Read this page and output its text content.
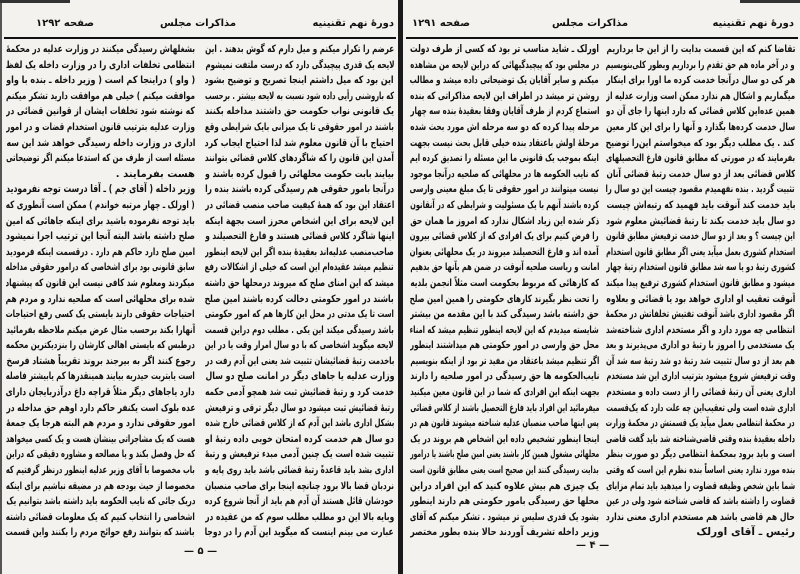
دورهٔ نهم تقنینیه
مذاکرات مجلس
صفحه ۱۲۹۲
عرضم را تکرار میکنم و میل دارم که گوش بدهند . این
لایحه یک قدری پیچیدگی دارد که درست ملتفت نمیشوم
این بود که میل داشتم اینجا تصریح و توضیح بشود
که باروشنی رأیی داده شود نسبت به لایحه بیشتر . برحسب
یک قانونی نواب حکومت حق داشتند مداخله بکنند
باشند در امور حقوقی تا یک میزانی بایک شرایطی وقع
احتیاج با آن قانون معلوم شد لذا احتیاج ایجاب کرد
آمدن این قانون را که شاگردهای کلاس قضائی بتوانند
بیایند بابت حکومت محلهائی را قبول کرده باشند و
درآنجا بامور حقوقی هم رسیدگی کرده باشند بنده را
اعتقاد این بود که همهٔ کیفیت صاحب منصب قضائی در
این لایحه برای این اشخاص محرز است بجهة اینکه
اینها شاگرد کلاس قضائی هستند و فارغ التحصیلند و
صاحب‌منصب عدلیه‌اند بعقیدهٔ بنده اگر این لایحه اینطور
تنظیم میشد عقیده‌ام این است که خیلی از اشکالات رفع
میشد که این امنای صلح که میروند درمحلها حق داشته
باشند در امور حکومتی دخالت کرده باشند امین صلح
است تا یک مدتی در محل این کارها هم که امور حکومتی
باشد رسیدگی میکند این یکی . مطلب دوم دراین قسمت
لایحه میگوید اشخاصی که با دو سال امرار وقت یا در این
باخدمت رتبهٔ قضائیشان تثبیت شد یعنی این آدم رفت در
وزارت عدلیه یا جاهای دیگر در امانت صلح دو سال
خدمت کرد و رتبهٔ قضائیش ثبت شد همچو آدمی حکمه
رتبهٔ قضائیش ثبت میشود دو سال دیگر ترقی و ترفیعش
بشکل اداری باشد این آدم که از کلاس قضائی خارج شده
دو سال هم خدمت کرده امتحان خوبی داده رتبهٔ او
تثبیت شده است یک چنین آدمی مبدء ترفیعش و رتبهٔ
اداری بشد باید قاعدةً رتبهٔ قضائی باشد باید روی پایه و
نردبان قضا بالا برود چنانچه اینجا برای صاحب منصبان
خودشان قائل هستند آن آدم هم باید از آنجا شروع کرده
وبایه بالا این دو مطلب مطلب سوم که من عقیده در
عبارت می بینم اینست که میگوید این آدم را در دوجا
بشغلهاش رسیدگی میکنند در وزارت عدلیه در محکمهٔ
انتظامی تخلفات اداری را در وزارت داخله یک لفظ
( واو ) دراینجا کم است ( وزیر داخله ـ بنده با واو
موافقت میکنم ) خیلی هم موافقت دارید تشکر میکنم
که نوشته شود تخلفات ایشان از قوانین قضائی در
وزارت عدلیه بترتیب قانون استخدام قضات و در امور
اداری در وزارت داخله رسیدگی خواهد شد این سه
مسئله است از طرف من که استدعا میکنم اگر توضیحاتی
هست بفرمایند .
وزیر داخله ( آقای جم ) ـ آقا درست توجه نفرمودید
( اورلک ـ چهار مرتبه خواندم ) ممکن است آنطوری که
باید توجه نفرموده باشید برای اینکه جاهائی که امین
صلح داشته باشد البته آنجا این ترتیب اجرا نمیشود
امین صلح دارد حاکم هم دارد . درقسمت اینکه فرمودید
سابق قانونی بود برای اشخاصی که درامور حقوقی مداخله
میکردند ومعلوم شد کافی نیست این قانون که پیشنهاد
شده برای محلهائی است که صلحیه ندارد و مردم هم
احتیاجات حقوقی دارند بایستی یک کسی رفع احتیاجات
آنهارا بکند برحسب مثال عرض میکنم ملاحظه بفرمائید
درطبس که بایستی اهالی کارشان را بنزدیکترین محکمه
رجوع کنند اگر به بیرجند بروند تقریباً هشتاد فرسخ
است یابتربت حیدریه بیایند همینقدرها کم یابیشتر فاصله
دارد یاجاهای دیگر مثلاً قراچه داغ درآذربایجان دارای
عده بلوک است یکنفر حاکم دارد اوهم حق مداخله در
امور حقوقی ندارد و مردم هم البته هرجا یک جمعهٔ
هست که یک مشاجراتی بینشان هست و یک کسی میخواهد
که حل وفصل بکند و یا مصالحه و مشاوره دقیقی که دراین
باب مخصوصا با آقای وزیر عدلیه اینطور درنظر گرفتیم که
مخصوصا از حیث بودجه هم در مضیقه نباشیم برای اینکه
دریک جائی که نایب الحکومه باید داشته باشد بتوانیم یک
اشخاصی را انتخاب کنیم که یک معلومات قضائی داشته
باشند که بتوانند رفع حوائج مردم را بکنند واین قسمت
— ۵ —
دورهٔ نهم تقنینیه
مذاکرات مجلس
صفحه ۱۲۹۱
تقاضا کنم که این قسمت بدایت را از این جا برداریم
و در آخر ماده هم حق تقدم را برداریم وبطور کلی‌بنویسیم
هر کی دو سال درآنجا خدمت کرده ما اورا برای اینکار
میگماریم و اشکال هم ندارد ممکن است وزارت عدلیه از
همین عده‌این کلاس قضائی که دارد اینها را جای آن دو
سال خدمت کرده‌ها بگذارد و آنها را برای این کار معین
کند . یک مطلب دیگر بود که میخواستم این‌را توضیح
بفرمایند که در صورتی که مطابق قانون فارغ التحصیلهای
کلاس قضائی بعد از دو سال خدمت رتبهٔ قضائی آنان
تثبیت گردید . بنده نفهمیدم مقصود چیست این دو سال را
باید خدمت کند آنوقت باید فهمید که رتبه‌اش چیست
دو سال باید خدمت بکند تا رتبهٔ قضائیش معلوم شود
این چیست ؟ و بعد از دو سال خدمت ترفیعش مطابق قانون
استخدام کشوری بعمل میآید یعنی اگر مطابق قانون استخدام
کشوری رتبهٔ دو یا سه شد مطابق قانون استخدام رتبهٔ چهار
میشود و مطابق قانون استخدام کشوری ترفیع پیدا میکند
آنوقت تعقیب او اداری خواهد بود یا قضائی و بعلاوه
اگر مقصود اداری باشد آنوقت تفتیش تخلفاتش در محکمهٔ
انتظامی چه مورد دارد و اگر مستخدم اداری شناخته‌شد
یک مستخدمی را امروز با رتبهٔ دو اداری می‌پذیرند و بعد
هم بعد از دو سال تثبیت شد رتبهٔ دو شد رتبهٔ سه شد آن
وقت ترفیعش شروع میشود بترتیب اداری این شد مستخدم
اداری یعنی آن رتبهٔ قضائی را از دست داده و مستخدم
اداری شده است ولی تعقیب‌این چه علت دارد که یک‌قسمت
در محکمهٔ انتظامی بعمل میآید یک قسمتش در محکمهٔ وزارت
داخله بعقیدهٔ بنده وقتی قاضی‌شناخته شد باید گفت قاضی
است و باید برود بمحکمهٔ انتظامی دیگر دو صورت بنظر
بنده مورد ندارد یعنی اساساً بنده نظرم این است که وقتی
شما باین شخص وظیفه قضاوت را میدهید باید تمام مزایای
قضاوت را داشته باشد که قاضی شناخته شود ولی در عین
حال هم قاضی باشد هم مستخدم اداری معنی ندارد
رئیس ـ آقای اورلک
اورلک ـ شاید مناسب تر بود که کسی از طرف دولت
در مجلس بود که پیچیدگیهائی که دراین لایحه من مشاهده
میکنم و سایر آقایان یک توضیحاتی داده میشد و مطالب
روشن تر میشد در اطراف این لایحه مذاکراتی که بنده
استماع کردم از طرف آقایان وفقا بعقیدهٔ بنده سه چهار
مرحله پیدا کرده که دو سه مرحله اش مورد بحث شده
مرحلهٔ اولش باعتقاد بنده خیلی قابل بحث نیست بجهت
اینکه بموجب یک قانونی ما این مسئله را تصدیق کرده ایم
که نایب الحکومه ها در محلهائی که صلحیه درآنجا موجود
نیست میتوانند در امور حقوقی تا یک مبلغ معینی وارسی
کرده باشند آنهم با یک مسئولیت و شرایطی که در آنقانون
ذکر شده این زیاد اشکال ندارد که امروز ما همان حق
را فرض کنیم برای یک افرادی که از کلاس قضائی بیرون
آمده اند و فارغ التحصیلند میروند در یک محلهائی بعنوان
امانت و ریاست صلحیه آنوقت در ضمن هم بآنها حق بدهیم
که کارهائی که مربوط بحکومت است مثلاً انجمن بلدیه
را تحت نظر بگیرند کارهای حکومتی را همین امین صلح
حق داشته باشد رسیدگی کند با این مقدمه من بیشتر
شایسته میدیدم که این لایحه اینطور تنظیم میشد که امناء
محل حق وارسی در امور حکومتی هم میداشتند اینطور
اگر تنظیم میشد باعتقاد من مفید تر بود از اینکه بنویسیم
نایب‌الحکومه ها حق رسیدگی در امور صلحیه را دارند
بجهت اینکه این افرادی که شما در این قانون معین میکنید
میفرمائید این افراد باید فارغ التحصیل باشند از کلاس قضائی
پس اینها صاحب منصبان عدلیه شناخته میشوند قانون هم در
اینجا اینطور تشخیص داده این اشخاص هم بروند در یک
محلهائی مشغول همین کار باشند یعنی امین صلح باشند یا درامور
بدایت رسیدگی کنند این صحیح است یعنی مطابق قانون است
یک چیزی هم بیش علاوه کنید که این افراد دراین
محلها حق رسیدگی بامور حکومتی هم دارند اینطور
بشود یک قدری سلیس تر میشود . تشکر میکنم که آقای
وزیر داخله تشریف آوردند حالا بنده بطور مختصر
— ۴ —
